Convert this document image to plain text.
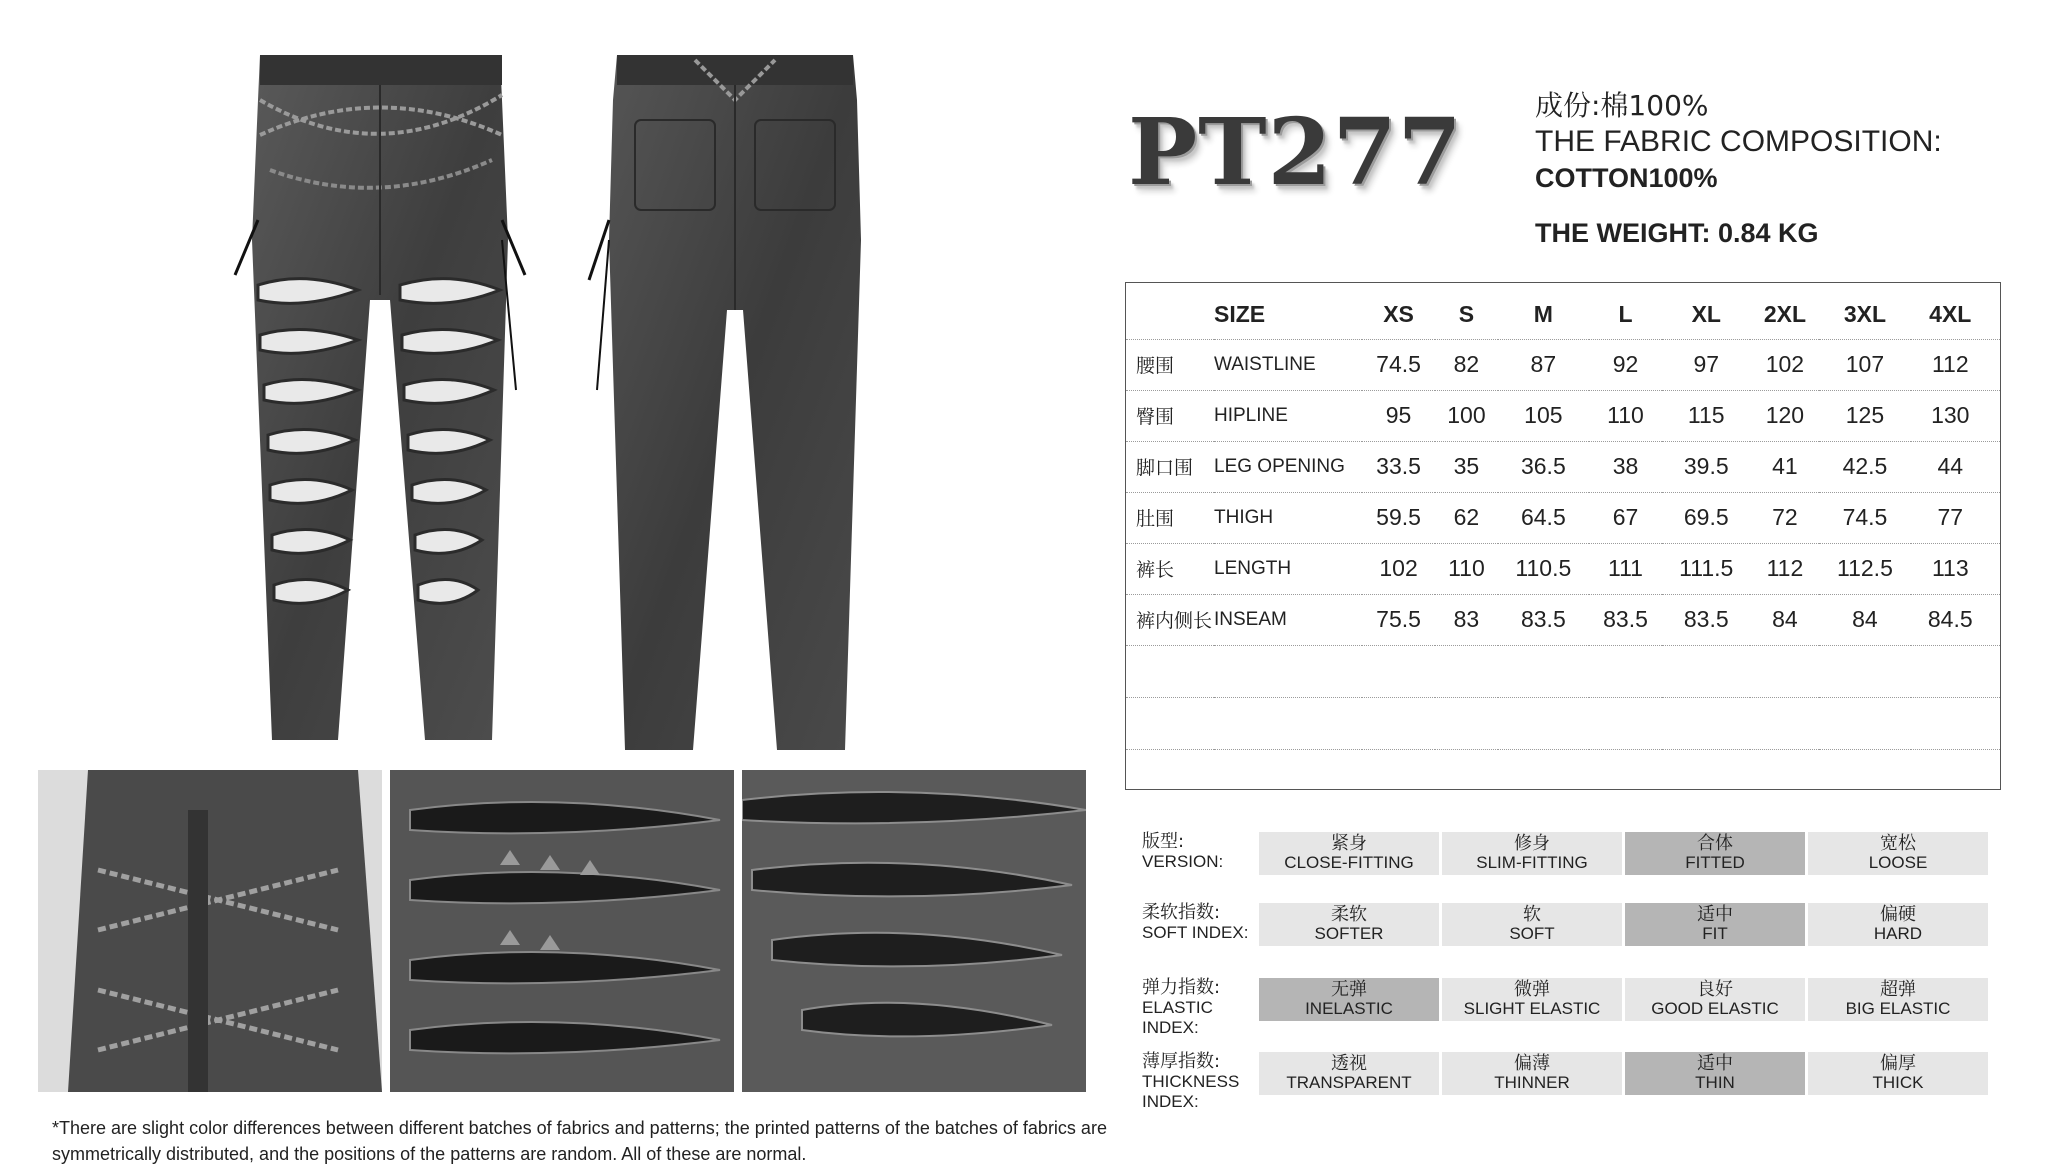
*There are slight color differences between different batches of fabrics and patterns; the printed patterns of the batches of fabrics are symmetrically distributed, and the positions of the patterns are random. All of these are normal.

PT277	成份:棉100%
THE FABRIC COMPOSITION:
COTTON100%
THE WEIGHT: 0.84 KG
	SIZE	XS	S	M	L	XL	2XL	3XL	4XL
腰围	WAISTLINE	74.5	82	87	92	97	102	107	112
臀围	HIPLINE	95	100	105	110	115	120	125	130
脚口围	LEG OPENING	33.5	35	36.5	38	39.5	41	42.5	44
肚围	THIGH	59.5	62	64.5	67	69.5	72	74.5	77
裤长	LENGTH	102	110	110.5	111	111.5	112	112.5	113
裤内侧长	INSEAM	75.5	83	83.5	83.5	83.5	84	84	84.5

版型:
VERSION:
紧身
CLOSE-FITTING
修身
SLIM-FITTING
合体
FITTED
宽松
LOOSE
柔软指数:
SOFT INDEX:
柔软
SOFTER
软
SOFT
适中
FIT
偏硬
HARD
弹力指数:
ELASTIC INDEX:
无弹
INELASTIC
微弹
SLIGHT ELASTIC
良好
GOOD ELASTIC
超弹
BIG ELASTIC
薄厚指数:
THICKNESS INDEX:
透视
TRANSPARENT
偏薄
THINNER
适中
THIN
偏厚
THICK
